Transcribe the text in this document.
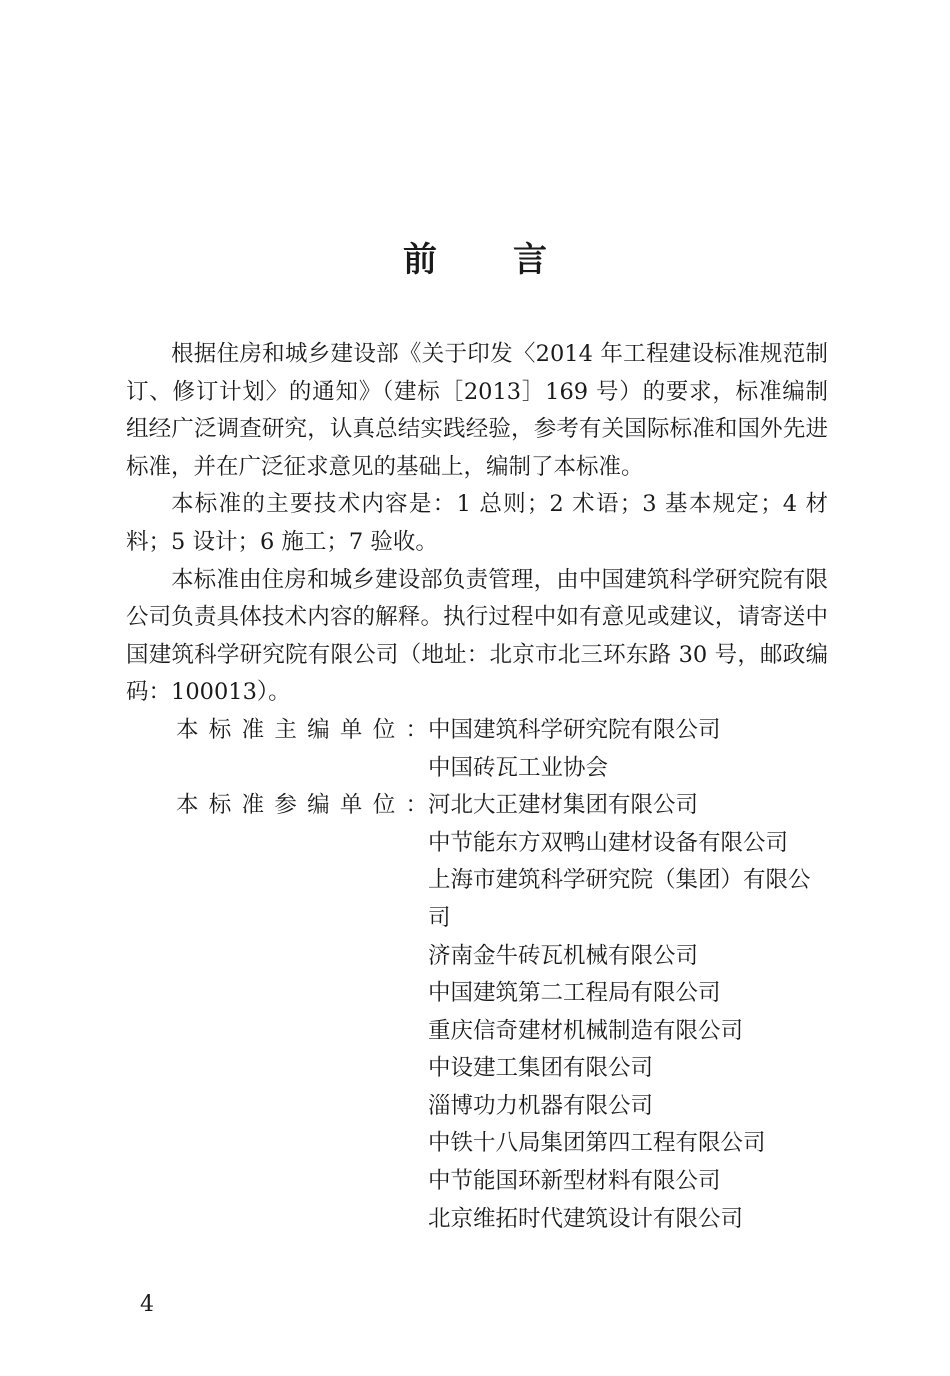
前 言

根据住房和城乡建设部《关于印发〈2014 年工程建设标准规范制订、修订计划〉的通知》（建标［2013］169 号）的要求，标准编制组经广泛调查研究，认真总结实践经验，参考有关国际标准和国外先进标准，并在广泛征求意见的基础上，编制了本标准。

本标准的主要技术内容是：1 总则；2 术语；3 基本规定；4 材料；5 设计；6 施工；7 验收。

本标准由住房和城乡建设部负责管理，由中国建筑科学研究院有限公司负责具体技术内容的解释。执行过程中如有意见或建议，请寄送中国建筑科学研究院有限公司（地址：北京市北三环东路 30 号，邮政编码：100013）。

本标准主编单位： 中国建筑科学研究院有限公司
中国砖瓦工业协会
本标准参编单位： 河北大正建材集团有限公司
中节能东方双鸭山建材设备有限公司
上海市建筑科学研究院（集团）有限公司
济南金牛砖瓦机械有限公司
中国建筑第二工程局有限公司
重庆信奇建材机械制造有限公司
中设建工集团有限公司
淄博功力机器有限公司
中铁十八局集团第四工程有限公司
中节能国环新型材料有限公司
北京维拓时代建筑设计有限公司
4
